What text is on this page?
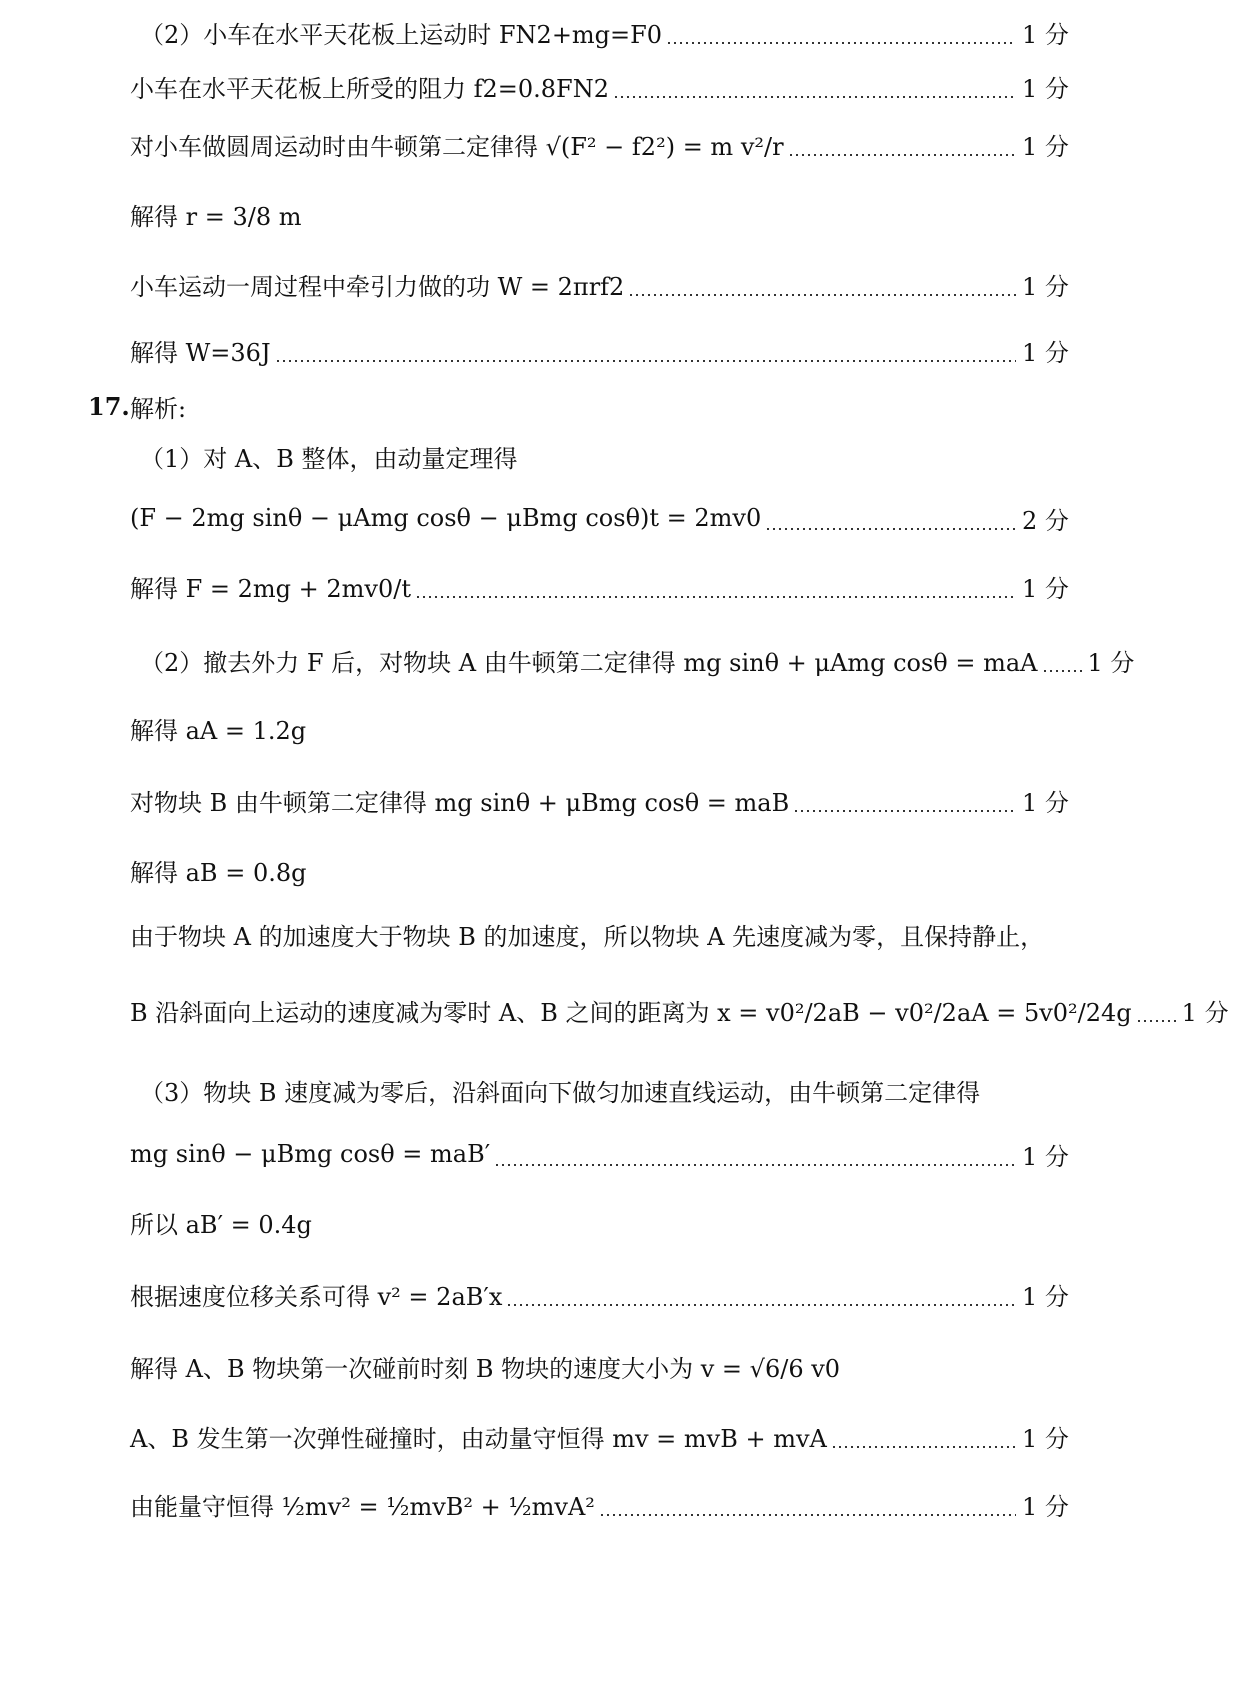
（2）小车在水平天花板上运动时 FN2+mg=F0	1 分
小车在水平天花板上所受的阻力 f2=0.8FN2	1 分
对小车做圆周运动时由牛顿第二定律得 √(F² − f2²) = m v²/r	1 分
解得 r = 3/8 m
小车运动一周过程中牵引力做的功 W = 2πrf2	1 分
解得 W=36J	1 分
17. 解析:
（1）对 A、B 整体，由动量定理得
(F − 2mg sinθ − μAmg cosθ − μBmg cosθ)t = 2mv0	2 分
解得 F = 2mg + 2mv0/t	1 分
（2）撤去外力 F 后，对物块 A 由牛顿第二定律得 mg sinθ + μAmg cosθ = maA 1 分
解得 aA = 1.2g
对物块 B 由牛顿第二定律得 mg sinθ + μBmg cosθ = maB	1 分
解得 aB = 0.8g
由于物块 A 的加速度大于物块 B 的加速度，所以物块 A 先速度减为零，且保持静止，
B 沿斜面向上运动的速度减为零时 A、B 之间的距离为 x = v0²/2aB − v0²/2aA = 5v0²/24g 1 分
（3）物块 B 速度减为零后，沿斜面向下做匀加速直线运动，由牛顿第二定律得
mg sinθ − μBmg cosθ = maB′	1 分
所以 aB′ = 0.4g
根据速度位移关系可得 v² = 2aB′x	1 分
解得 A、B 物块第一次碰前时刻 B 物块的速度大小为 v = √6/6 v0
A、B 发生第一次弹性碰撞时，由动量守恒得 mv = mvB + mvA	1 分
由能量守恒得 ½mv² = ½mvB² + ½mvA²	1 分
